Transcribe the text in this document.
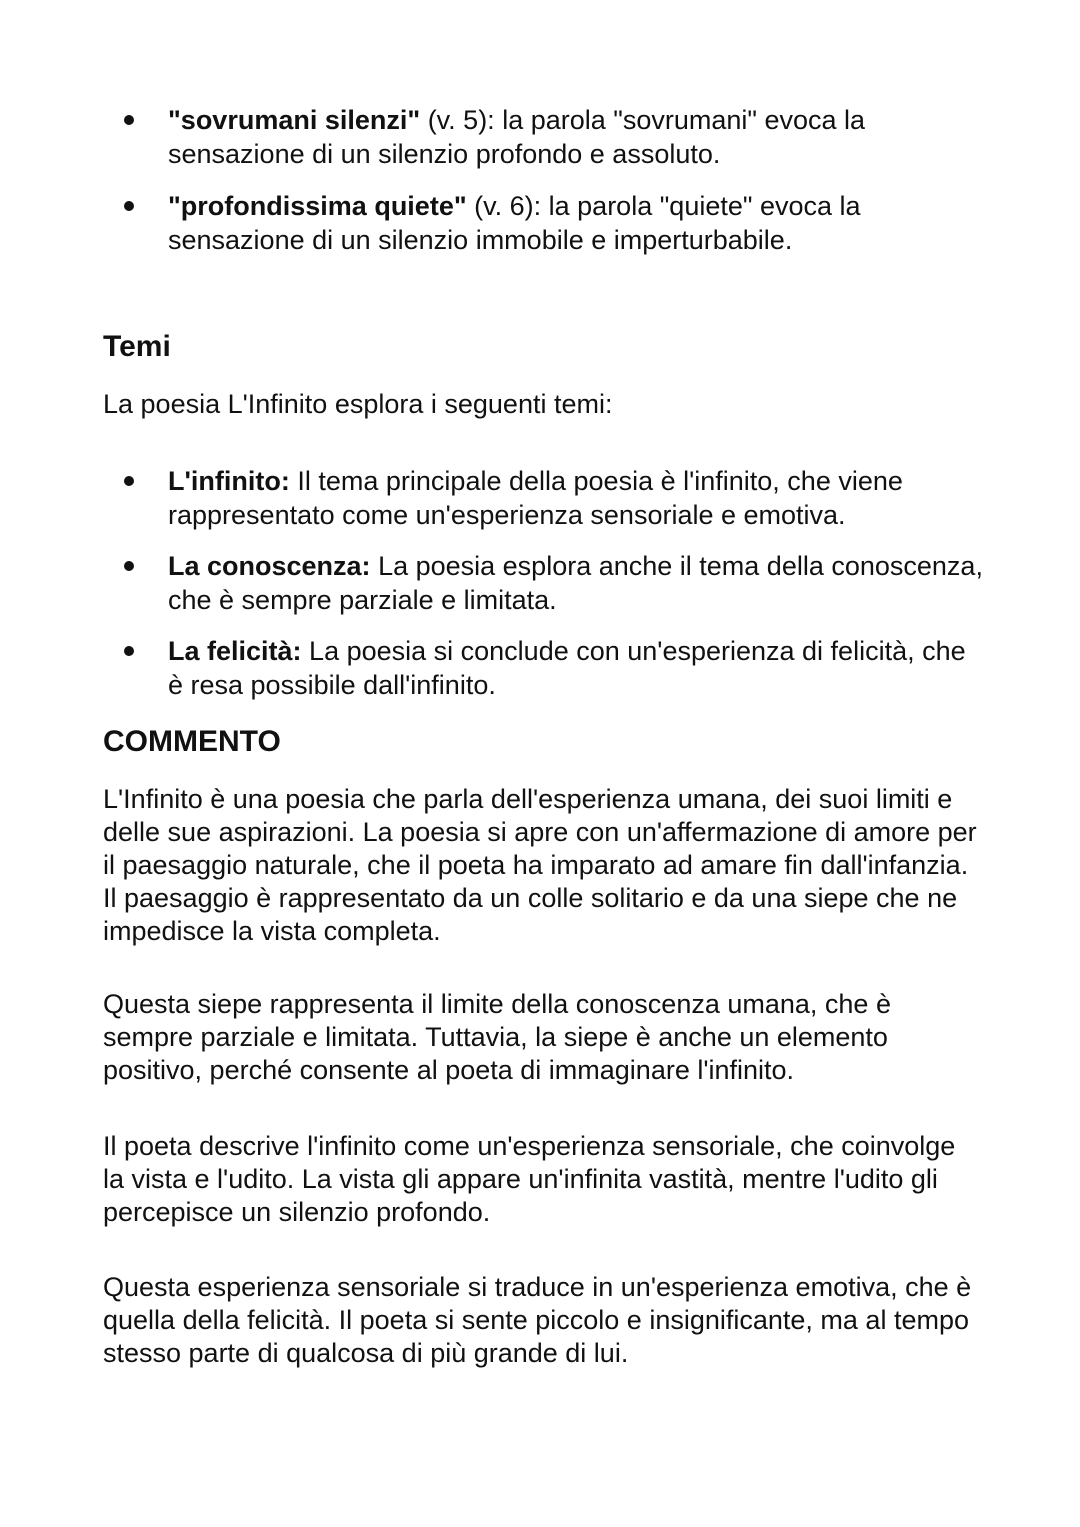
"sovrumani silenzi" (v. 5): la parola "sovrumani" evoca la sensazione di un silenzio profondo e assoluto.
"profondissima quiete" (v. 6): la parola "quiete" evoca la sensazione di un silenzio immobile e imperturbabile.
Temi

La poesia L'Infinito esplora i seguenti temi:

L'infinito: Il tema principale della poesia è l'infinito, che viene rappresentato come un'esperienza sensoriale e emotiva.
La conoscenza: La poesia esplora anche il tema della conoscenza, che è sempre parziale e limitata.
La felicità: La poesia si conclude con un'esperienza di felicità, che è resa possibile dall'infinito.
COMMENTO

L'Infinito è una poesia che parla dell'esperienza umana, dei suoi limiti e delle sue aspirazioni. La poesia si apre con un'affermazione di amore per il paesaggio naturale, che il poeta ha imparato ad amare fin dall'infanzia. Il paesaggio è rappresentato da un colle solitario e da una siepe che ne impedisce la vista completa.

Questa siepe rappresenta il limite della conoscenza umana, che è sempre parziale e limitata. Tuttavia, la siepe è anche un elemento positivo, perché consente al poeta di immaginare l'infinito.

Il poeta descrive l'infinito come un'esperienza sensoriale, che coinvolge la vista e l'udito. La vista gli appare un'infinita vastità, mentre l'udito gli percepisce un silenzio profondo.

Questa esperienza sensoriale si traduce in un'esperienza emotiva, che è quella della felicità. Il poeta si sente piccolo e insignificante, ma al tempo stesso parte di qualcosa di più grande di lui.
